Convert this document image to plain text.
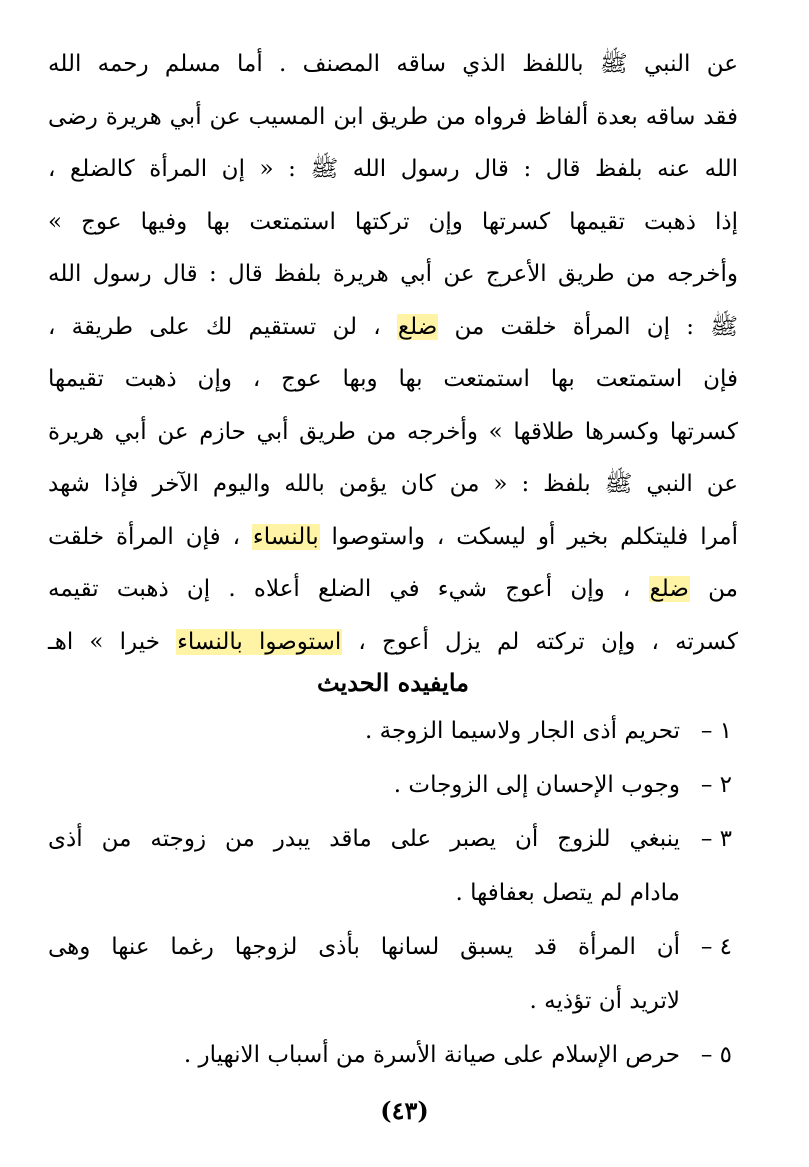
عن النبي ﷺ باللفظ الذي ساقه المصنف . أما مسلم رحمه الله
فقد ساقه بعدة ألفاظ فرواه من طريق ابن المسيب عن أبي هريرة رضى
الله عنه بلفظ قال : قال رسول الله ﷺ : « إن المرأة كالضلع ،
إذا ذهبت تقيمها كسرتها وإن تركتها استمتعت بها وفيها عوج »
وأخرجه من طريق الأعرج عن أبي هريرة بلفظ قال : قال رسول الله
ﷺ : إن المرأة خلقت من ضلع ، لن تستقيم لك على طريقة ،
فإن استمتعت بها استمتعت بها وبها عوج ، وإن ذهبت تقيمها
كسرتها وكسرها طلاقها » وأخرجه من طريق أبي حازم عن أبي هريرة
عن النبي ﷺ بلفظ : « من كان يؤمن بالله واليوم الآخر فإذا شهد
أمرا فليتكلم بخير أو ليسكت ، واستوصوا بالنساء ، فإن المرأة خلقت
من ضلع ، وإن أعوج شيء في الضلع أعلاه . إن ذهبت تقيمه
كسرته ، وإن تركته لم يزل أعوج ، استوصوا بالنساء خيرا » اهـ
مايفيده الحديث
١ –
تحريم أذى الجار ولاسيما الزوجة .
٢ –
وجوب الإحسان إلى الزوجات .
٣ –
ينبغي للزوج أن يصبر على ماقد يبدر من زوجته من أذى
مادام لم يتصل بعفافها .
٤ –
أن المرأة قد يسبق لسانها بأذى لزوجها رغما عنها وهى
لاتريد أن تؤذيه .
٥ –
حرص الإسلام على صيانة الأسرة من أسباب الانهيار .
(٤٣)
